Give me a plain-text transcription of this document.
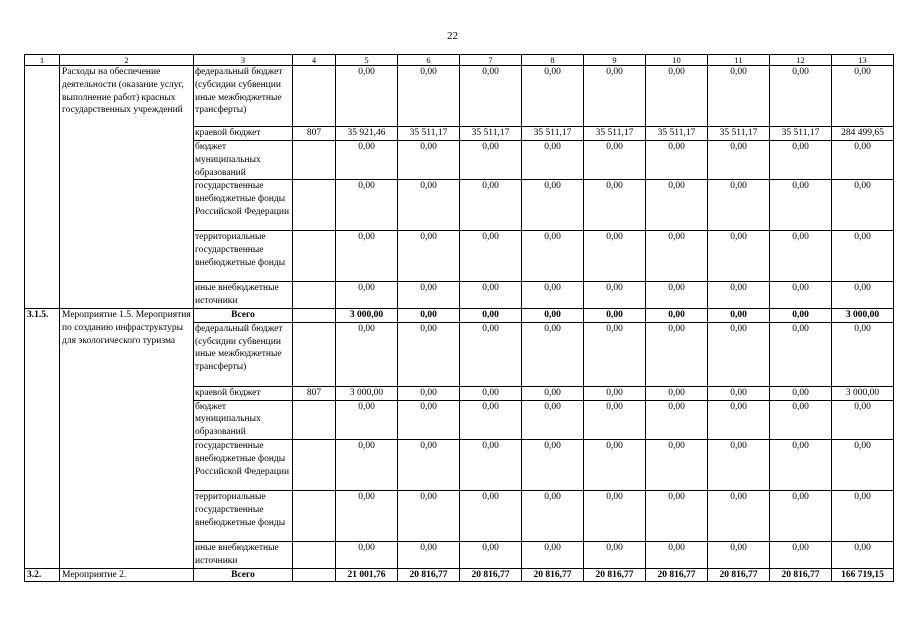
22
1	2	3	4	5	6	7	8	9	10	11	12	13
	Расходы на обеспечение деятельности (оказание услуг, выполнение работ) красных государственных учреждений	федеральный бюджет (субсидии субвенции иные межбюджетные трансферты)		0,00	0,00	0,00	0,00	0,00	0,00	0,00	0,00	0,00
		краевой бюджет	807	35 921,46	35 511,17	35 511,17	35 511,17	35 511,17	35 511,17	35 511,17	35 511,17	284 499,65
		бюджет муниципальных образований		0,00	0,00	0,00	0,00	0,00	0,00	0,00	0,00	0,00
		государственные внебюджетные фонды Российской Федерации		0,00	0,00	0,00	0,00	0,00	0,00	0,00	0,00	0,00
		территориальные государственные внебюджетные фонды		0,00	0,00	0,00	0,00	0,00	0,00	0,00	0,00	0,00
		иные внебюджетные источники		0,00	0,00	0,00	0,00	0,00	0,00	0,00	0,00	0,00
3.1.5.	Мероприятие 1.5. Мероприятия по созданию инфраструктуры для экологического туризма	Всего		3 000,00	0,00	0,00	0,00	0,00	0,00	0,00	0,00	3 000,00
		федеральный бюджет (субсидии субвенции иные межбюджетные трансферты)		0,00	0,00	0,00	0,00	0,00	0,00	0,00	0,00	0,00
		краевой бюджет	807	3 000,00	0,00	0,00	0,00	0,00	0,00	0,00	0,00	3 000,00
		бюджет муниципальных образований		0,00	0,00	0,00	0,00	0,00	0,00	0,00	0,00	0,00
		государственные внебюджетные фонды Российской Федерации		0,00	0,00	0,00	0,00	0,00	0,00	0,00	0,00	0,00
		территориальные государственные внебюджетные фонды		0,00	0,00	0,00	0,00	0,00	0,00	0,00	0,00	0,00
		иные внебюджетные источники		0,00	0,00	0,00	0,00	0,00	0,00	0,00	0,00	0,00
3.2.	Мероприятие 2.	Всего		21 001,76	20 816,77	20 816,77	20 816,77	20 816,77	20 816,77	20 816,77	20 816,77	166 719,15
